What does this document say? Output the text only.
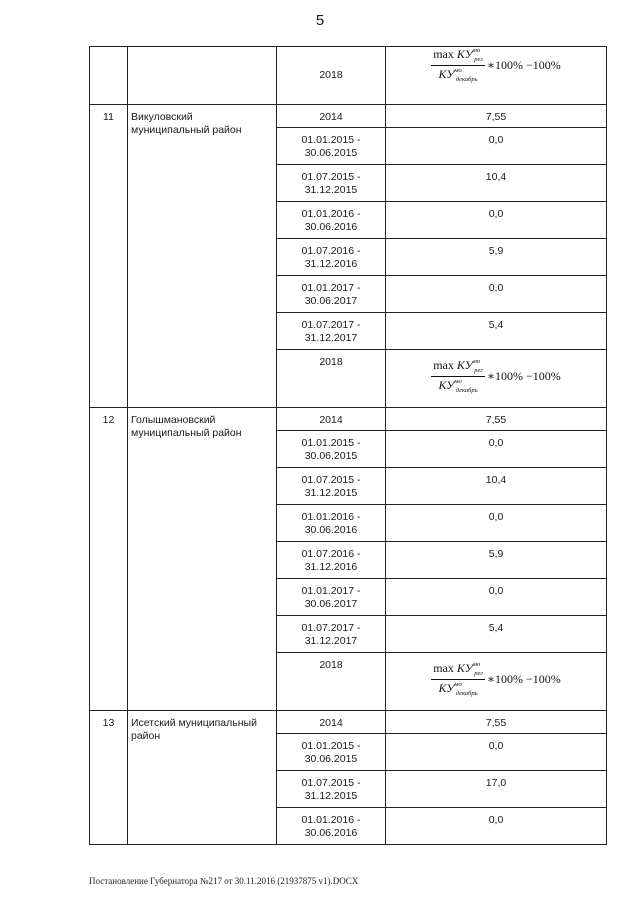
5
		2018	$\frac{\max КУ^{мо}_{рег}}{КУ^{мо}_{декабрь}}$ ∗100% −100%

11	Викуловский муниципальный район	2014	7,55
		01.01.2015 - 30.06.2015	0,0
		01.07.2015 - 31.12.2015	10,4
		01.01.2016 - 30.06.2016	0,0
		01.07.2016 - 31.12.2016	5,9
		01.01.2017 - 30.06.2017	0,0
		01.07.2017 - 31.12.2017	5,4
		2018	$\frac{\max КУ^{мо}_{рег}}{КУ^{мо}_{декабрь}}$ ∗100% −100%

12	Голышмановский муниципальный район	2014	7,55
		01.01.2015 - 30.06.2015	0,0
		01.07.2015 - 31.12.2015	10,4
		01.01.2016 - 30.06.2016	0,0
		01.07.2016 - 31.12.2016	5,9
		01.01.2017 - 30.06.2017	0,0
		01.07.2017 - 31.12.2017	5,4
		2018	$\frac{\max КУ^{мо}_{рег}}{КУ^{мо}_{декабрь}}$ ∗100% −100%

13	Исетский муниципальный район	2014	7,55
		01.01.2015 - 30.06.2015	0,0
		01.07.2015 - 31.12.2015	17,0
		01.01.2016 - 30.06.2016	0,0
Постановление Губернатора №217 от 30.11.2016 (21937875 v1).DOCX
